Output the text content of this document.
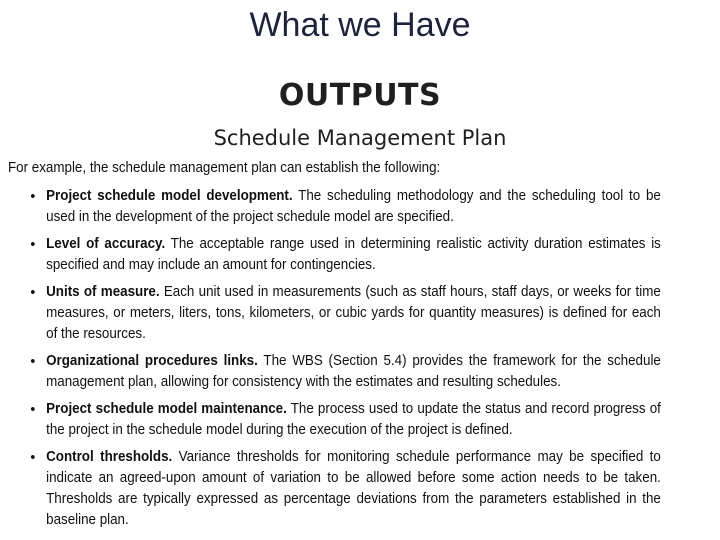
What we Have
OUTPUTS
Schedule Management Plan

For example, the schedule management plan can establish the following:

• Project schedule model development. The scheduling methodology and the scheduling tool to be used in the development of the project schedule model are specified.
• Level of accuracy. The acceptable range used in determining realistic activity duration estimates is specified and may include an amount for contingencies.
• Units of measure. Each unit used in measurements (such as staff hours, staff days, or weeks for time measures, or meters, liters, tons, kilometers, or cubic yards for quantity measures) is defined for each of the resources.
• Organizational procedures links. The WBS (Section 5.4) provides the framework for the schedule management plan, allowing for consistency with the estimates and resulting schedules.
• Project schedule model maintenance. The process used to update the status and record progress of the project in the schedule model during the execution of the project is defined.
• Control thresholds. Variance thresholds for monitoring schedule performance may be specified to indicate an agreed-upon amount of variation to be allowed before some action needs to be taken. Thresholds are typically expressed as percentage deviations from the parameters established in the baseline plan.
